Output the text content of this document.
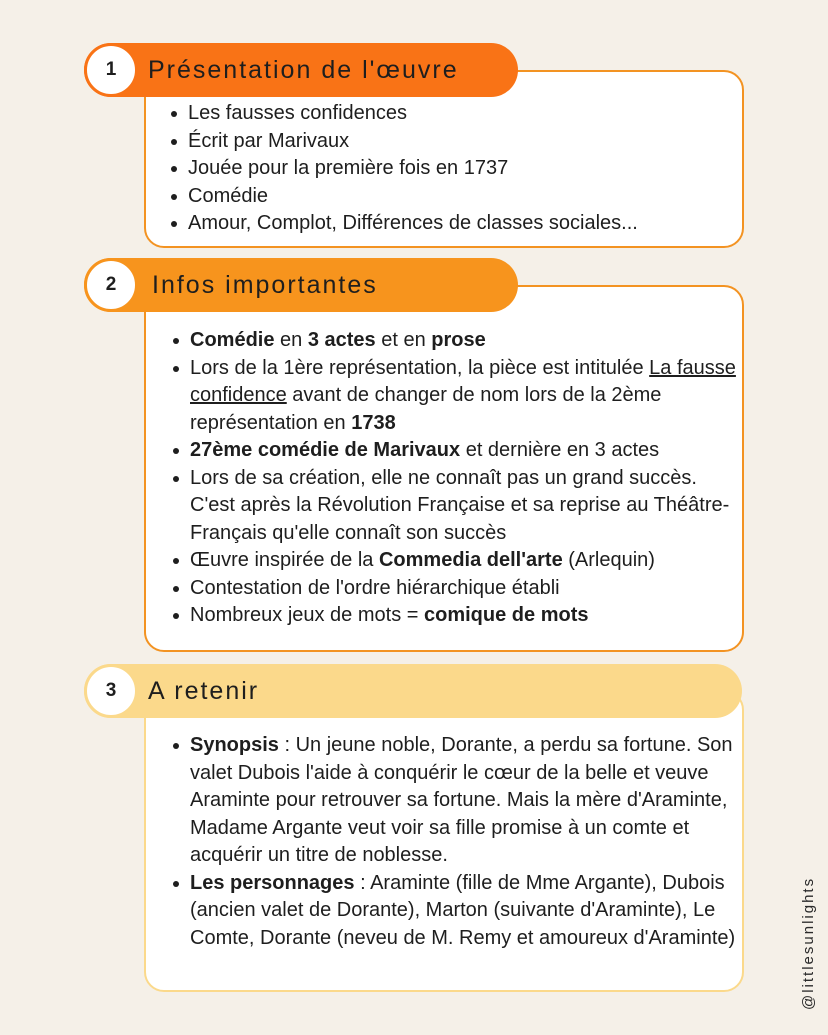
Les fausses confidences
Écrit par Marivaux
Jouée pour la première fois en 1737
Comédie
Amour, Complot, Différences de classes sociales...
1	Présentation de l'œuvre
Comédie en 3 actes et en prose
Lors de la 1ère représentation, la pièce est intitulée La fausse confidence avant de changer de nom lors de la 2ème représentation en 1738
27ème comédie de Marivaux et dernière en 3 actes
Lors de sa création, elle ne connaît pas un grand succès. C'est après la Révolution Française et sa reprise au Théâtre-Français qu'elle connaît son succès
Œuvre inspirée de la Commedia dell'arte (Arlequin)
Contestation de l'ordre hiérarchique établi
Nombreux jeux de mots = comique de mots
2	Infos importantes
Synopsis : Un jeune noble, Dorante, a perdu sa fortune. Son valet Dubois l'aide à conquérir le cœur de la belle et veuve Araminte pour retrouver sa fortune. Mais la mère d'Araminte, Madame Argante veut voir sa fille promise à un comte et acquérir un titre de noblesse.
Les personnages : Araminte (fille de Mme Argante), Dubois (ancien valet de Dorante), Marton (suivante d'Araminte), Le Comte, Dorante (neveu de M. Remy et amoureux d'Araminte)
3	A retenir
@littlesunlights
